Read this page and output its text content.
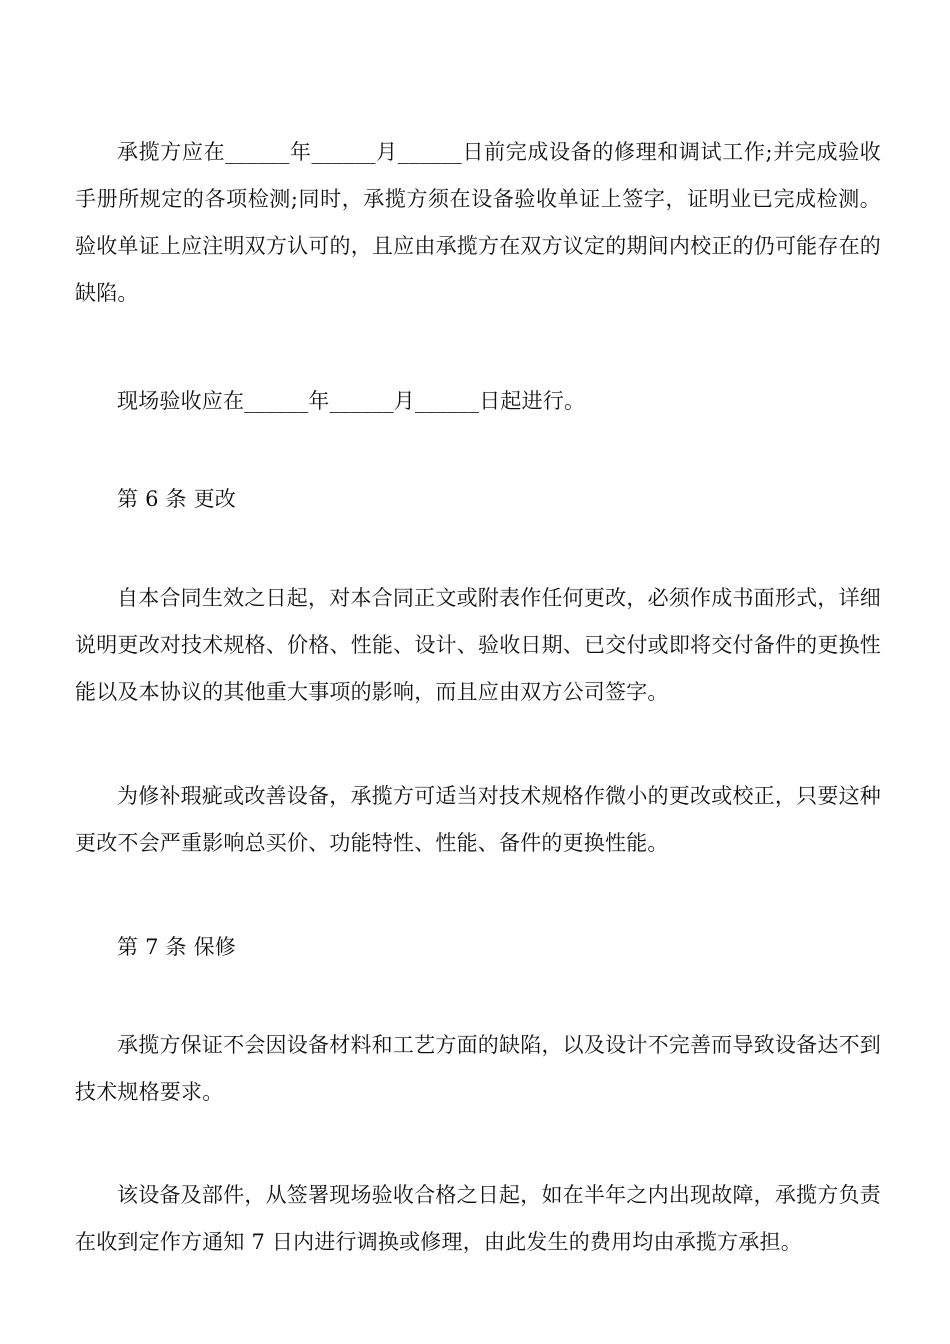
承揽方应在______年______月______日前完成设备的修理和调试工作;并完成验收手册所规定的各项检测;同时，承揽方须在设备验收单证上签字，证明业已完成检测。验收单证上应注明双方认可的，且应由承揽方在双方议定的期间内校正的仍可能存在的缺陷。

现场验收应在______年______月______日起进行。

第 6 条 更改

自本合同生效之日起，对本合同正文或附表作任何更改，必须作成书面形式，详细说明更改对技术规格、价格、性能、设计、验收日期、已交付或即将交付备件的更换性能以及本协议的其他重大事项的影响，而且应由双方公司签字。

为修补瑕疵或改善设备，承揽方可适当对技术规格作微小的更改或校正，只要这种更改不会严重影响总买价、功能特性、性能、备件的更换性能。

第 7 条 保修

承揽方保证不会因设备材料和工艺方面的缺陷，以及设计不完善而导致设备达不到技术规格要求。

该设备及部件，从签署现场验收合格之日起，如在半年之内出现故障，承揽方负责在收到定作方通知 7 日内进行调换或修理，由此发生的费用均由承揽方承担。
